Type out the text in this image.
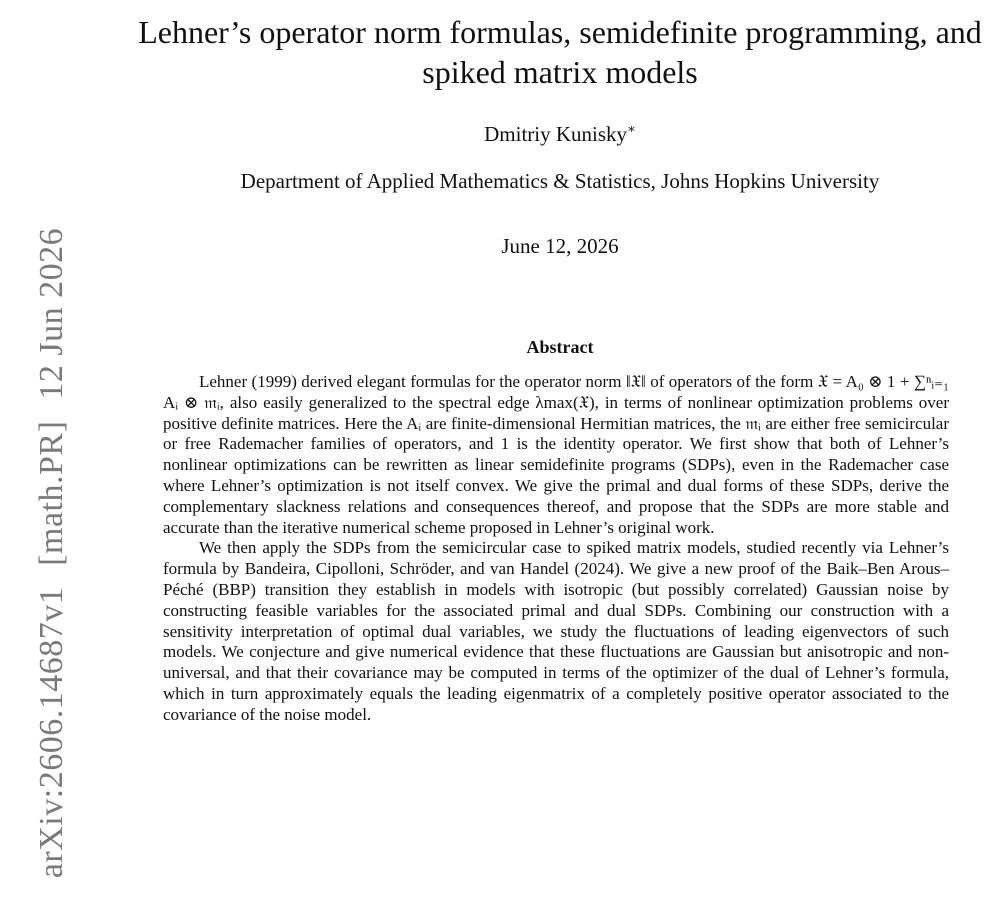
arXiv:2606.14687v1 [math.PR] 12 Jun 2026
Lehner’s operator norm formulas, semidefinite programming, and spiked matrix models
Dmitriy Kunisky∗
Department of Applied Mathematics & Statistics, Johns Hopkins University
June 12, 2026
Abstract

Lehner (1999) derived elegant formulas for the operator norm ‖𝔛‖ of operators of the form 𝔛 = A₀ ⊗ 1 + ∑ⁿᵢ₌₁ Aᵢ ⊗ 𝔪ᵢ, also easily generalized to the spectral edge λmax(𝔛), in terms of nonlinear optimization problems over positive definite matrices. Here the Aᵢ are finite-dimensional Hermitian matrices, the 𝔪ᵢ are either free semicircular or free Rademacher families of operators, and 1 is the identity operator. We first show that both of Lehner’s nonlinear optimizations can be rewritten as linear semidefinite programs (SDPs), even in the Rademacher case where Lehner’s optimization is not itself convex. We give the primal and dual forms of these SDPs, derive the complementary slackness relations and consequences thereof, and propose that the SDPs are more stable and accurate than the iterative numerical scheme proposed in Lehner’s original work.

We then apply the SDPs from the semicircular case to spiked matrix models, studied recently via Lehner’s formula by Bandeira, Cipolloni, Schröder, and van Handel (2024). We give a new proof of the Baik–Ben Arous–Péché (BBP) transition they establish in models with isotropic (but possibly correlated) Gaussian noise by constructing feasible variables for the associated primal and dual SDPs. Combining our construction with a sensitivity interpretation of optimal dual variables, we study the fluctuations of leading eigenvectors of such models. We conjecture and give numerical evidence that these fluctuations are Gaussian but anisotropic and non-universal, and that their covariance may be computed in terms of the optimizer of the dual of Lehner’s formula, which in turn approximately equals the leading eigenmatrix of a completely positive operator associated to the covariance of the noise model.
